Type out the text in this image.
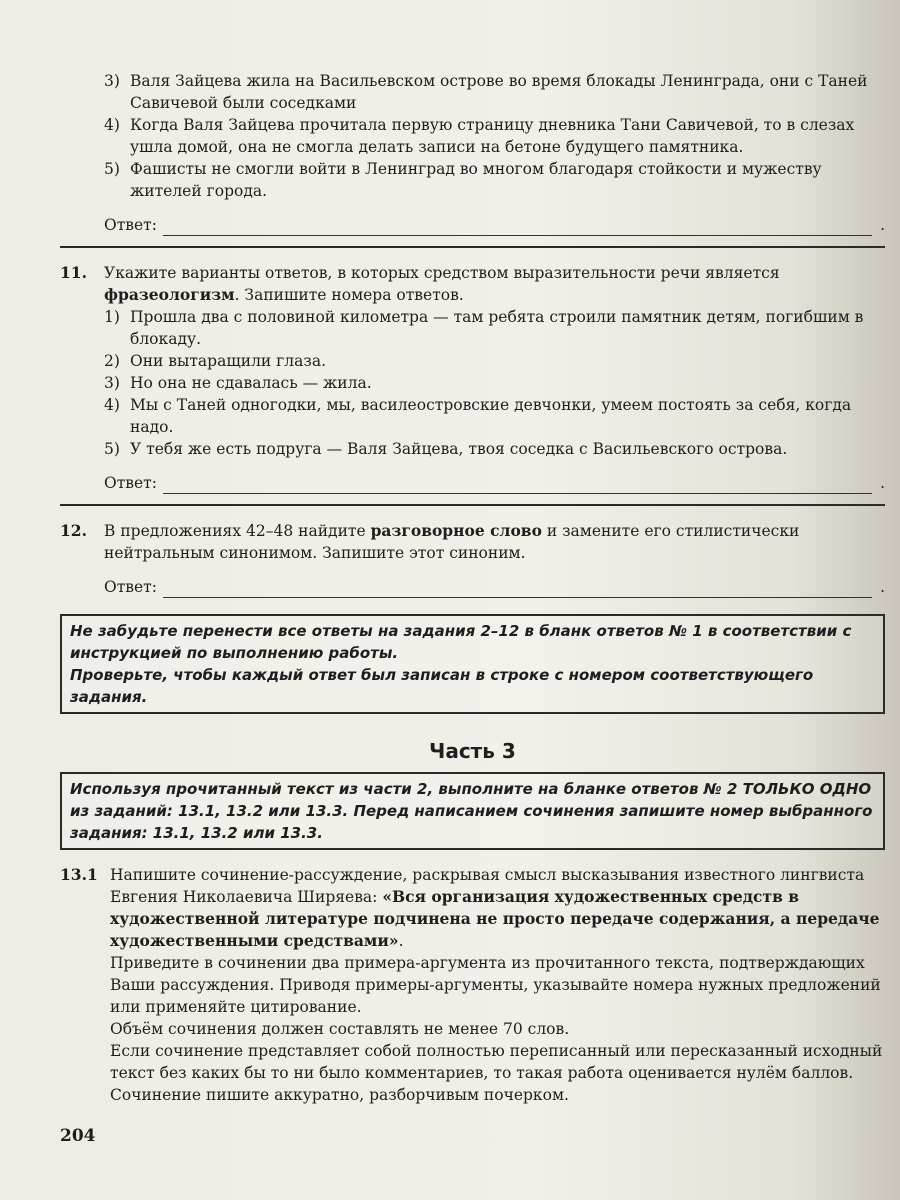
3) Валя Зайцева жила на Васильевском острове во время блокады Ленинграда, они с Таней Савичевой были соседками
4) Когда Валя Зайцева прочитала первую страницу дневника Тани Савичевой, то в слезах ушла домой, она не смогла делать записи на бетоне будущего памятника.
5) Фашисты не смогли войти в Ленинград во многом благодаря стойкости и мужеству жителей города.
Ответ:	.
11.	Укажите варианты ответов, в которых средством выразительности речи является фразеологизм. Запишите номера ответов.
1) Прошла два с половиной километра — там ребята строили памятник детям, погибшим в блокаду.
2) Они вытаращили глаза.
3) Но она не сдавалась — жила.
4) Мы с Таней одногодки, мы, василеостровские девчонки, умеем постоять за себя, когда надо.
5) У тебя же есть подруга — Валя Зайцева, твоя соседка с Васильевского острова.
Ответ:	.
12.	В предложениях 42–48 найдите разговорное слово и замените его стилистически нейтральным синонимом. Запишите этот синоним.
Ответ:	.
Не забудьте перенести все ответы на задания 2–12 в бланк ответов № 1 в соответствии с инструкцией по выполнению работы.
Проверьте, чтобы каждый ответ был записан в строке с номером соответствующего задания.
Часть 3
Используя прочитанный текст из части 2, выполните на бланке ответов № 2 ТОЛЬКО ОДНО из заданий: 13.1, 13.2 или 13.3. Перед написанием сочинения запишите номер выбранного задания: 13.1, 13.2 или 13.3.
13.1 Напишите сочинение-рассуждение, раскрывая смысл высказывания известного лингвиста Евгения Николаевича Ширяева: «Вся организация художественных средств в художественной литературе подчинена не просто передаче содержания, а передаче художественными средствами».

Приведите в сочинении два примера-аргумента из прочитанного текста, подтверждающих Ваши рассуждения. Приводя примеры-аргументы, указывайте номера нужных предложений или применяйте цитирование.

Объём сочинения должен составлять не менее 70 слов.

Если сочинение представляет собой полностью переписанный или пересказанный исходный текст без каких бы то ни было комментариев, то такая работа оценивается нулём баллов.

Сочинение пишите аккуратно, разборчивым почерком.

204
